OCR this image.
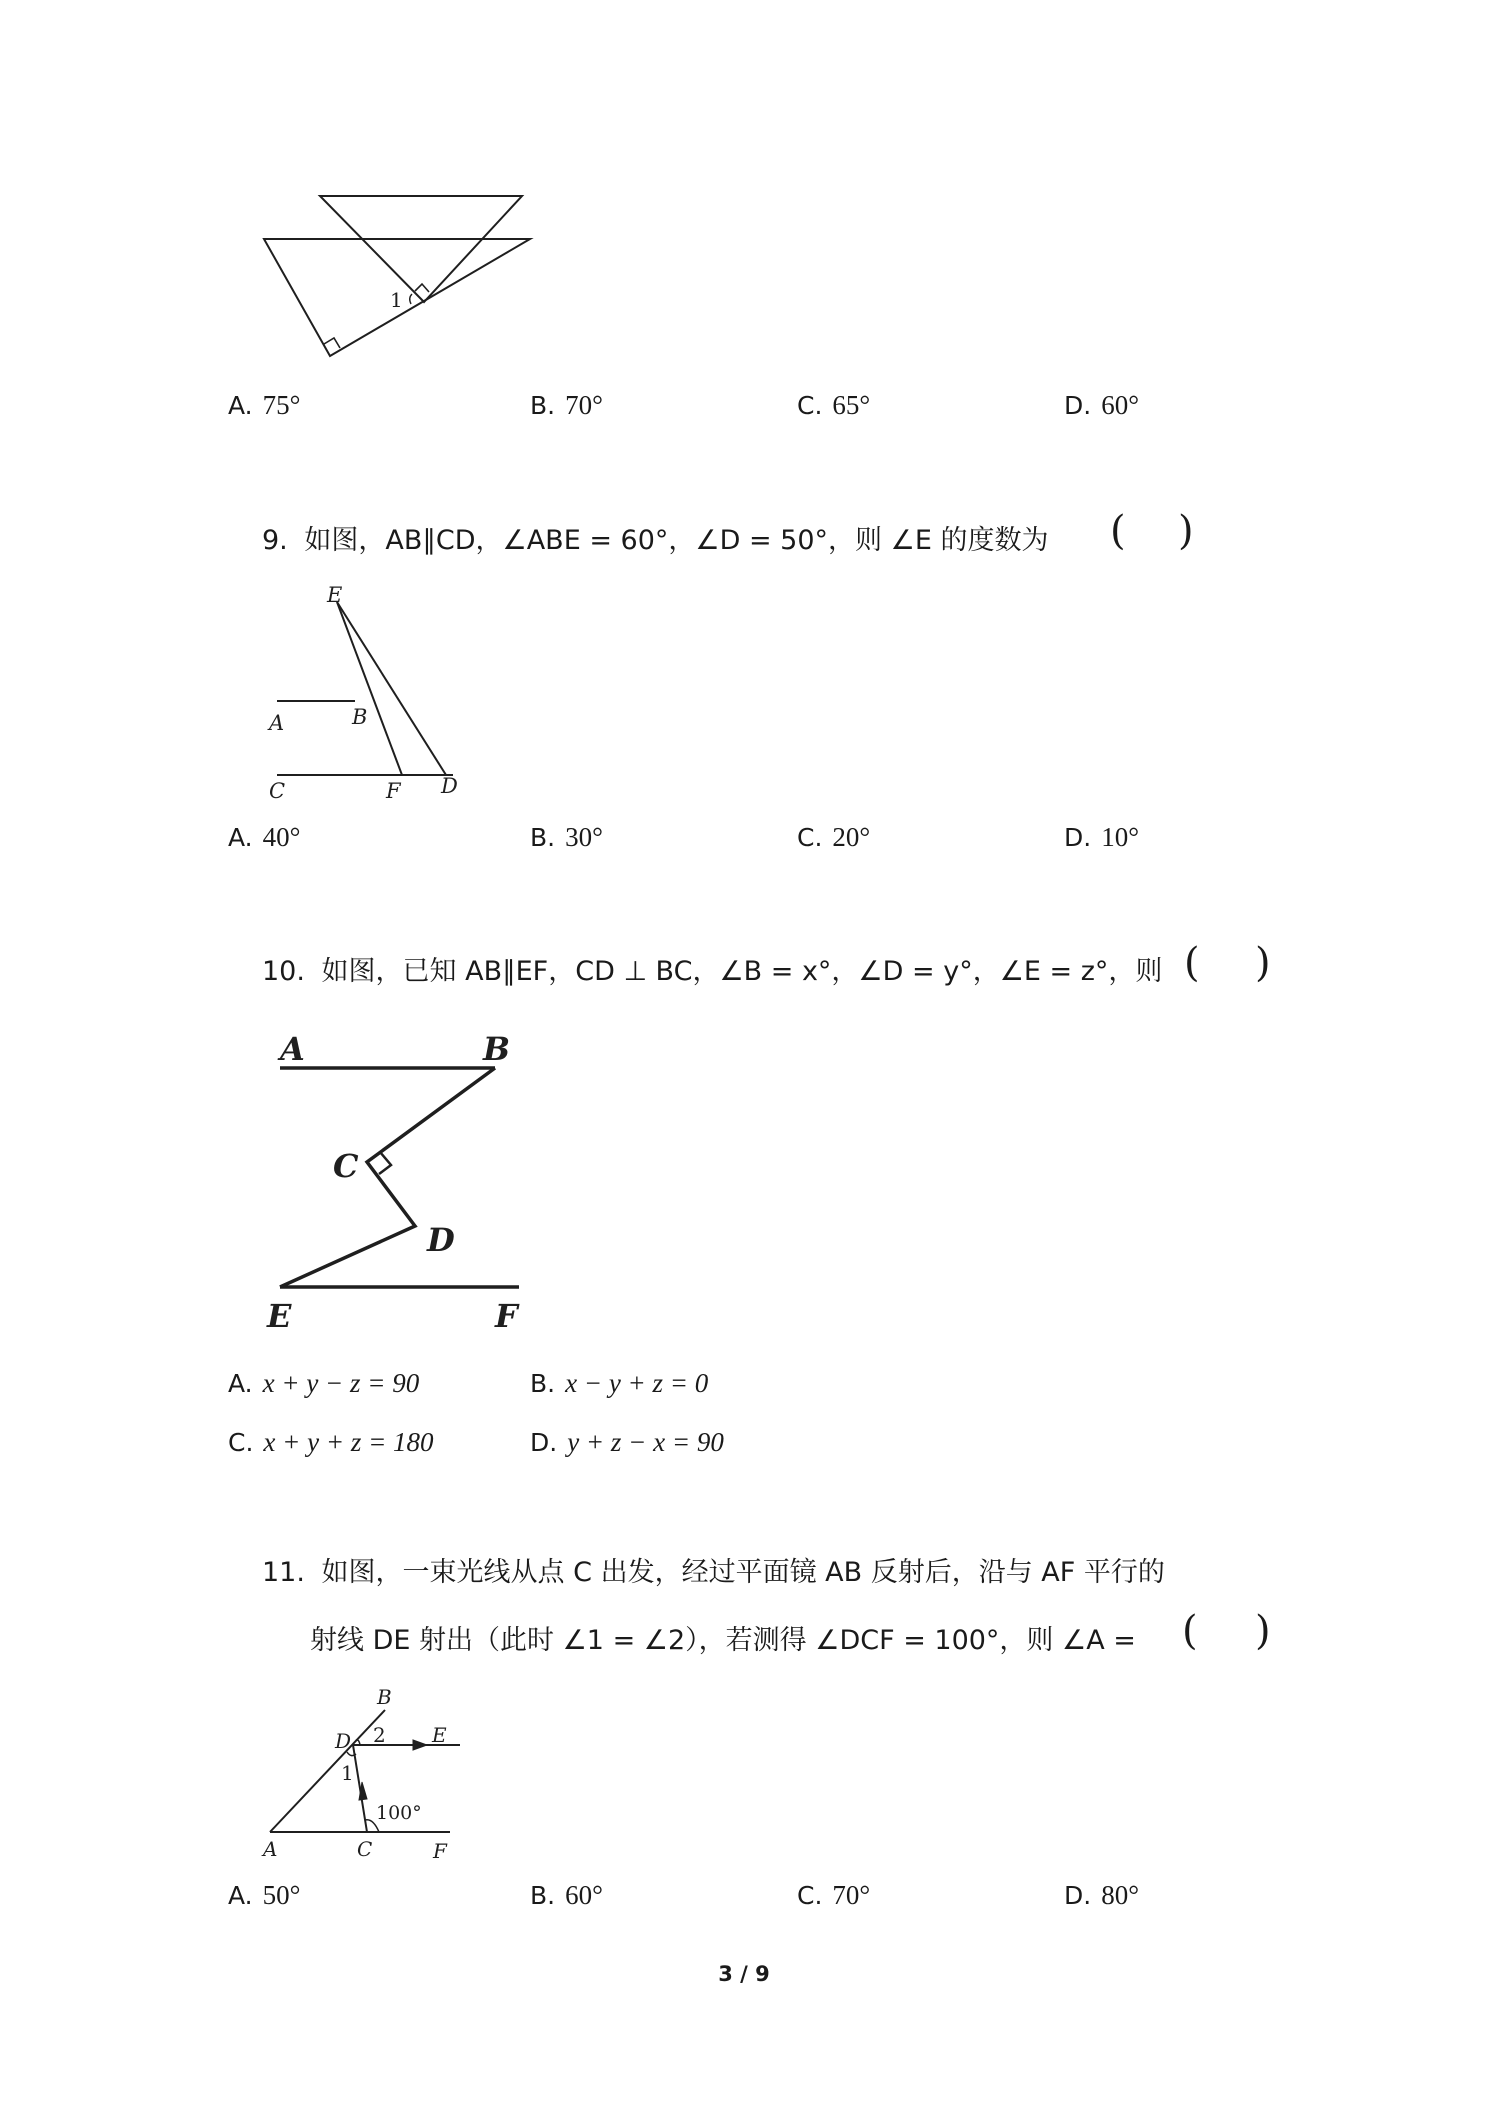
1
A. 75°	B. 70°	C. 65°	D. 60°
9. 如图，AB∥CD，∠ABE = 60°，∠D = 50°，则 ∠E 的度数为 ( )
E
A	B
C	F D
A. 40°	B. 30°	C. 20°	D. 10°
10. 如图，已知 AB∥EF，CD ⊥ BC，∠B = x°，∠D = y°，∠E = z°，则 ( )
A	B
C
D
E	F
A. x + y − z = 90	B. x − y + z = 0
C. x + y + z = 180	D. y + z − x = 90
11. 如图，一束光线从点 C 出发，经过平面镜 AB 反射后，沿与 AF 平行的
射线 DE 射出（此时 ∠1 = ∠2），若测得 ∠DCF = 100°，则 ∠A = ( )
B
D 2 E
1
100°
A	C	F
A. 50°	B. 60°	C. 70°	D. 80°
3 / 9
